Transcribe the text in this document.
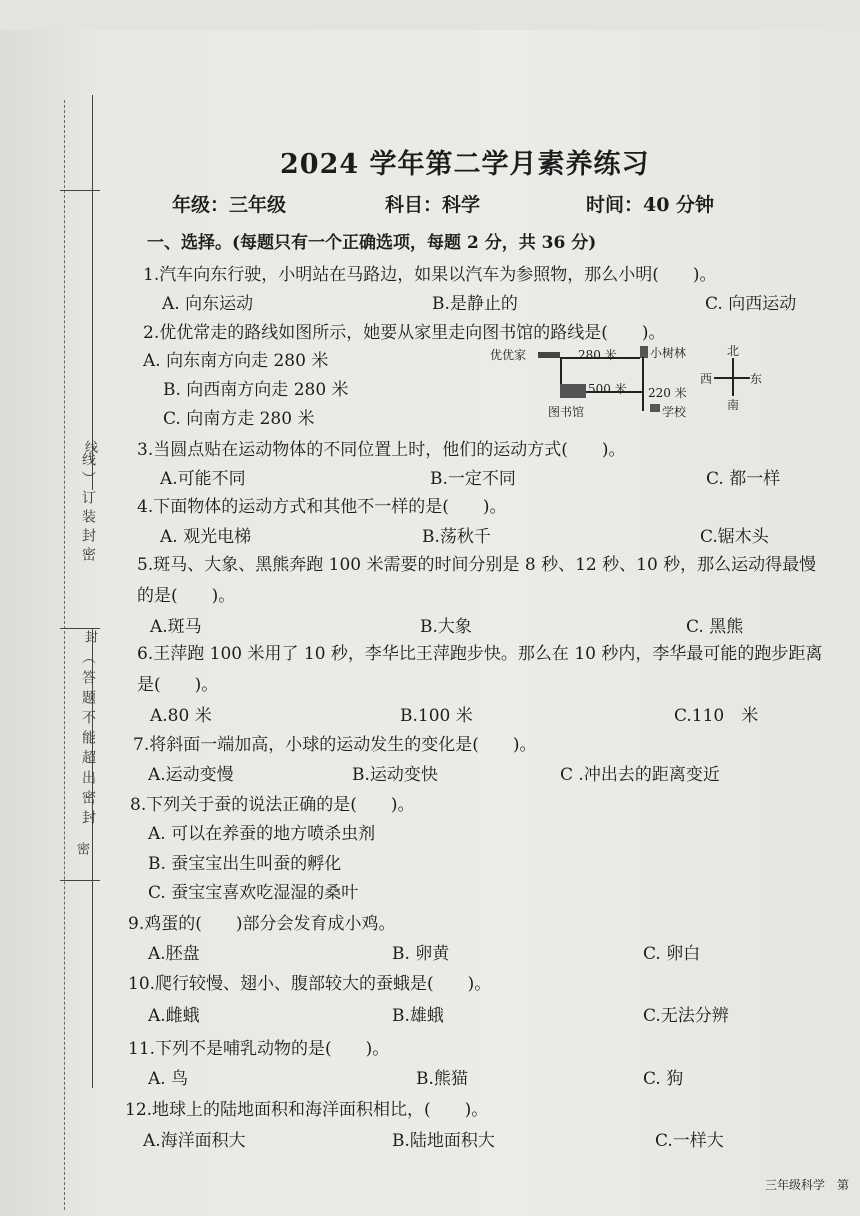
线）订装封密
（答题不能超出密封
线
封
密
2024 学年第二学月素养练习
年级：三年级	科目：科学	时间：40 分钟
一、选择。(每题只有一个正确选项，每题 2 分，共 36 分)
1.汽车向东行驶，小明站在马路边，如果以汽车为参照物，那么小明(　　)。
A. 向东运动	B.是静止的	C. 向西运动
2.优优常走的路线如图所示，她要从家里走向图书馆的路线是(　　)。
A. 向东南方向走 280 米
B. 向西南方向走 280 米
C. 向南方走 280 米
优优家	280 米	小树林
500 米 220 米
图书馆	学校
北
南
西	东
3.当圆点贴在运动物体的不同位置上时，他们的运动方式(　　)。
A.可能不同	B.一定不同	C. 都一样
4.下面物体的运动方式和其他不一样的是(　　)。
A. 观光电梯	B.荡秋千	C.锯木头
5.斑马、大象、黑熊奔跑 100 米需要的时间分别是 8 秒、12 秒、10 秒，那么运动得最慢的是(　　)。
A.斑马	B.大象	C. 黑熊
6.王萍跑 100 米用了 10 秒，李华比王萍跑步快。那么在 10 秒内，李华最可能的跑步距离是(　　)。
A.80 米	B.100 米	C.110　米
7.将斜面一端加高，小球的运动发生的变化是(　　)。
A.运动变慢	B.运动变快	C .冲出去的距离变近
8.下列关于蚕的说法正确的是(　　)。
A. 可以在养蚕的地方喷杀虫剂
B. 蚕宝宝出生叫蚕的孵化
C. 蚕宝宝喜欢吃湿湿的桑叶
9.鸡蛋的(　　)部分会发育成小鸡。
A.胚盘	B. 卵黄	C. 卵白
10.爬行较慢、翅小、腹部较大的蚕蛾是(　　)。
A.雌蛾	B.雄蛾	C.无法分辨
11.下列不是哺乳动物的是(　　)。
A. 鸟	B.熊猫	C. 狗
12.地球上的陆地面积和海洋面积相比，(　　)。
A.海洋面积大	B.陆地面积大	C.一样大
三年级科学　第
